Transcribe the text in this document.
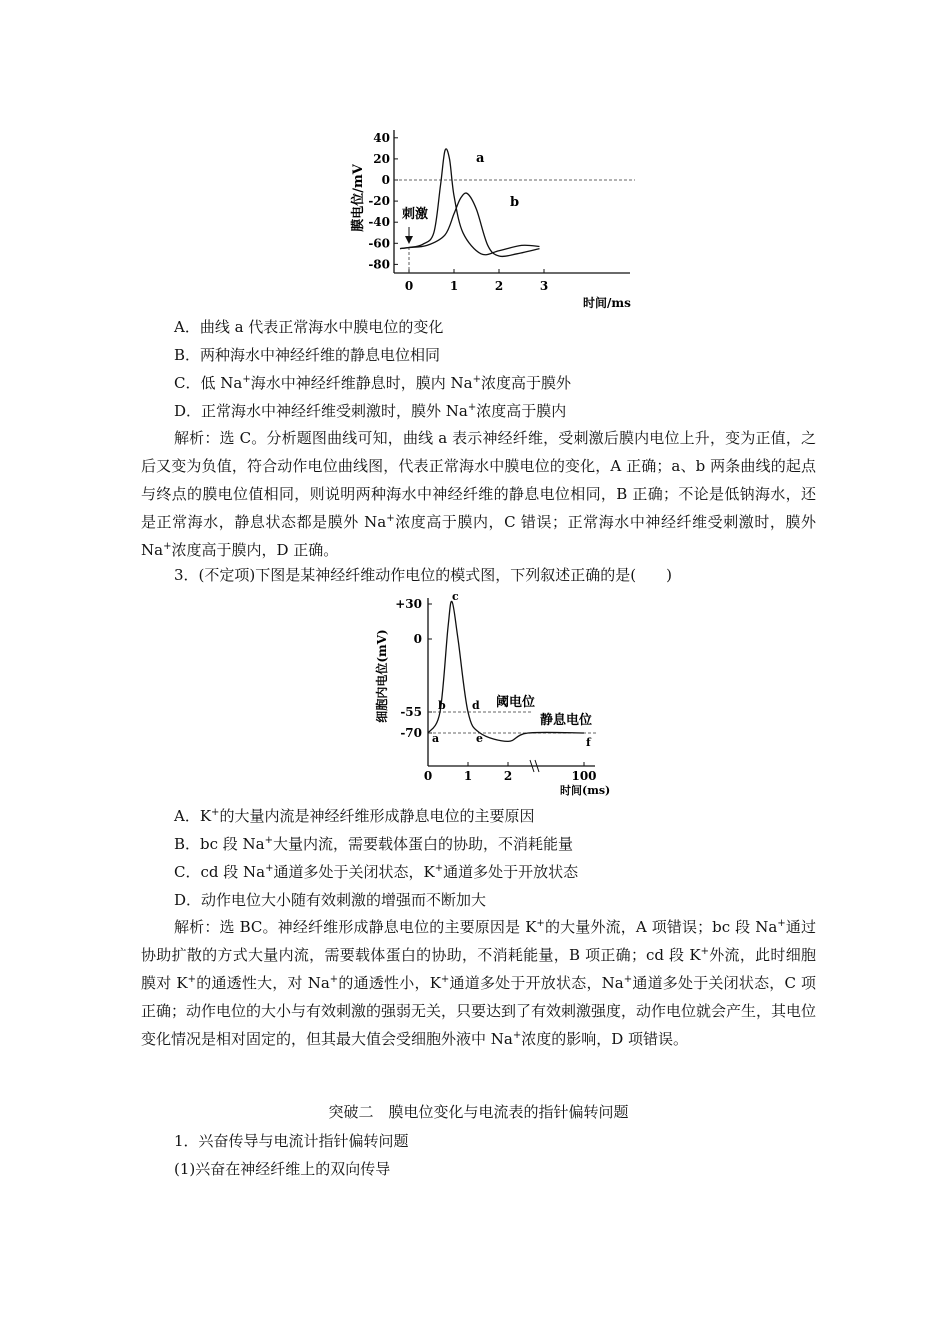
膜电位/mV
40
20
0
-20
-40
-60
-80
0	1	2	3
刺激
a
b
时间/ms
A．曲线 a 代表正常海水中膜电位的变化
B．两种海水中神经纤维的静息电位相同
C．低 Na+海水中神经纤维静息时，膜内 Na+浓度高于膜外
D．正常海水中神经纤维受刺激时，膜外 Na+浓度高于膜内
解析：选 C。分析题图曲线可知，曲线 a 表示神经纤维，受刺激后膜内电位上升，变为正值，之后又变为负值，符合动作电位曲线图，代表正常海水中膜电位的变化，A 正确；a、b 两条曲线的起点与终点的膜电位值相同，则说明两种海水中神经纤维的静息电位相同，B 正确；不论是低钠海水，还是正常海水，静息状态都是膜外 Na+浓度高于膜内，C 错误；正常海水中神经纤维受刺激时，膜外 Na+浓度高于膜内，D 正确。
3．(不定项)下图是某神经纤维动作电位的模式图，下列叙述正确的是(　　)
细胞内电位(mV)
+30
0
-55
-70
0	1	2	100
阈电位
静息电位
a
b
c
d
e	f
时间(ms)
A．K+的大量内流是神经纤维形成静息电位的主要原因
B．bc 段 Na+大量内流，需要载体蛋白的协助，不消耗能量
C．cd 段 Na+通道多处于关闭状态，K+通道多处于开放状态
D．动作电位大小随有效刺激的增强而不断加大
解析：选 BC。神经纤维形成静息电位的主要原因是 K+的大量外流，A 项错误；bc 段 Na+通过协助扩散的方式大量内流，需要载体蛋白的协助，不消耗能量，B 项正确；cd 段 K+外流，此时细胞膜对 K+的通透性大，对 Na+的通透性小，K+通道多处于开放状态，Na+通道多处于关闭状态，C 项正确；动作电位的大小与有效刺激的强弱无关，只要达到了有效刺激强度，动作电位就会产生，其电位变化情况是相对固定的，但其最大值会受细胞外液中 Na+浓度的影响，D 项错误。
突破二　膜电位变化与电流表的指针偏转问题
1．兴奋传导与电流计指针偏转问题
(1)兴奋在神经纤维上的双向传导
